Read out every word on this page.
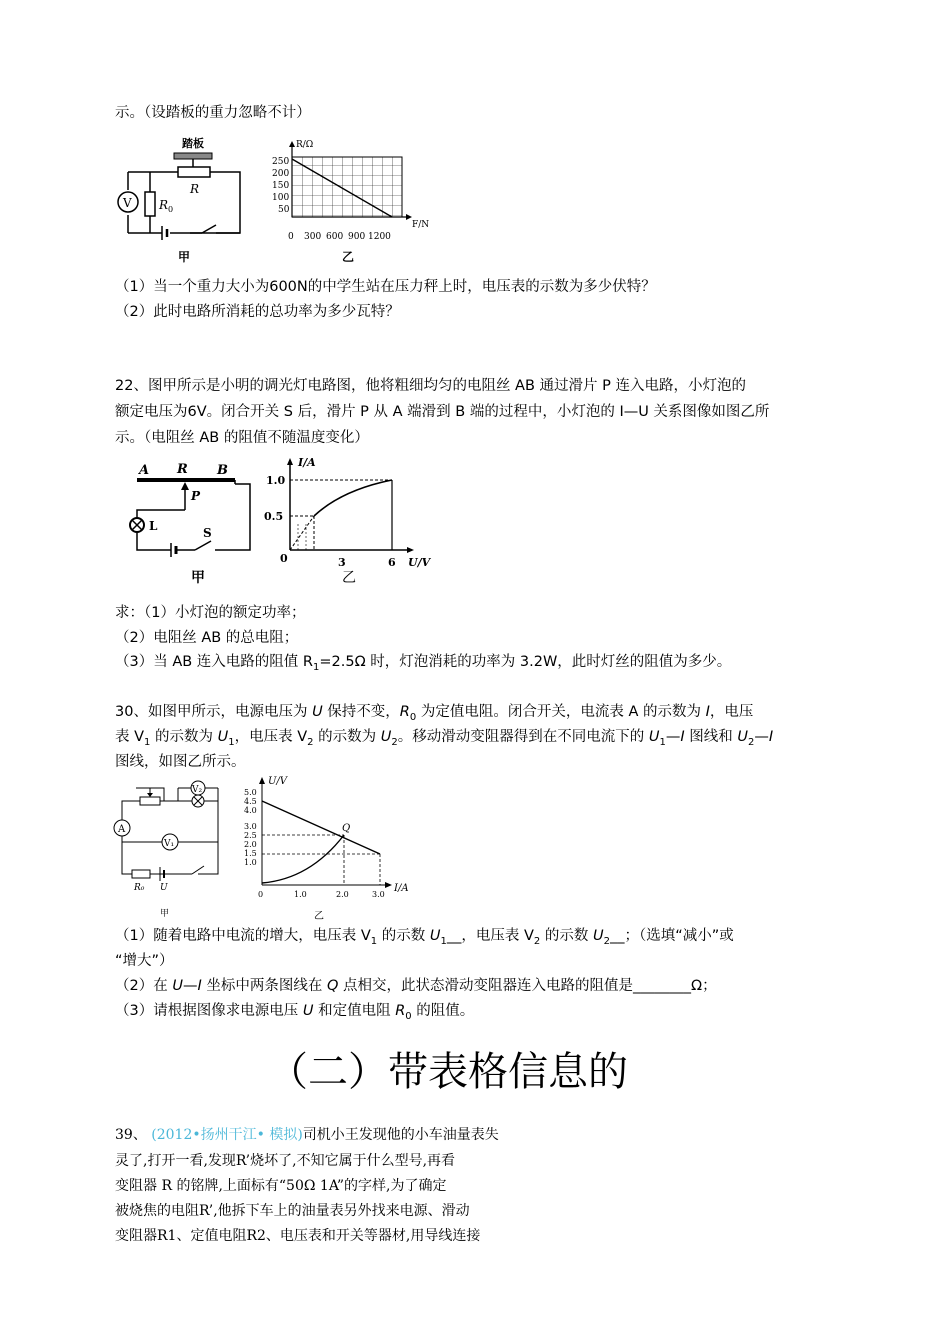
示。（设踏板的重力忽略不计）
踏板
R
V R 0
甲
R/Ω
F/N
250
200
150
100
50
0 300 600 900 1200
乙
（1）当一个重力大小为600N的中学生站在压力秤上时，电压表的示数为多少伏特？
（2）此时电路所消耗的总功率为多少瓦特？
22、图甲所示是小明的调光灯电路图，他将粗细均匀的电阻丝 AB 通过滑片 P 连入电路，小灯泡的
额定电压为6V。闭合开关 S 后，滑片 P 从 A 端滑到 B 端的过程中，小灯泡的 I—U 关系图像如图乙所
示。（电阻丝 AB 的阻值不随温度变化）
A R B
P
L	S
甲
I/A
U/V
1.0
0.5
0	3	6
乙
求：（1）小灯泡的额定功率；
（2）电阻丝 AB 的总电阻；
（3）当 AB 连入电路的阻值 $R_1=2.5\Omega$ 时，灯泡消耗的功率为 3.2W，此时灯丝的阻值为多少。
30、如图甲所示，电源电压为 U 保持不变，$R_0$ 为定值电阻。闭合开关，电流表 A 的示数为 I，电压
表 $V_1$ 的示数为 $U_1$，电压表 $V_2$ 的示数为 $U_2$。移动滑动变阻器得到在不同电流下的 $U_1—I$ 图线和 $U_2—I$
图线，如图乙所示。
A
V₂
V₁
R₀ U
甲
U/V
I/A
5.0
4.5
4.0
3.0
2.5
2.0
1.5
1.0
0	1.0	2.0	3.0
Q
乙
（1）随着电路中电流的增大，电压表 $V_1$ 的示数 $U_1\_\_$，电压表 $V_2$ 的示数 $U_2\_\_$；（选填“减小”或
“增大”）
（2）在 U—I 坐标中两条图线在 Q 点相交，此状态滑动变阻器连入电路的阻值是________Ω；
（3）请根据图像求电源电压 U 和定值电阻 $R_0$ 的阻值。
（二）带表格信息的
39、 (2012•扬州干江• 模拟)司机小王发现他的小车油量表失
灵了,打开一看,发现R’烧坏了,不知它属于什么型号,再看
变阻器 R 的铭牌,上面标有“50Ω 1A”的字样,为了确定
被烧焦的电阻R’,他拆下车上的油量表另外找来电源、滑动
变阻器R1、定值电阻R2、电压表和开关等器材,用导线连接
